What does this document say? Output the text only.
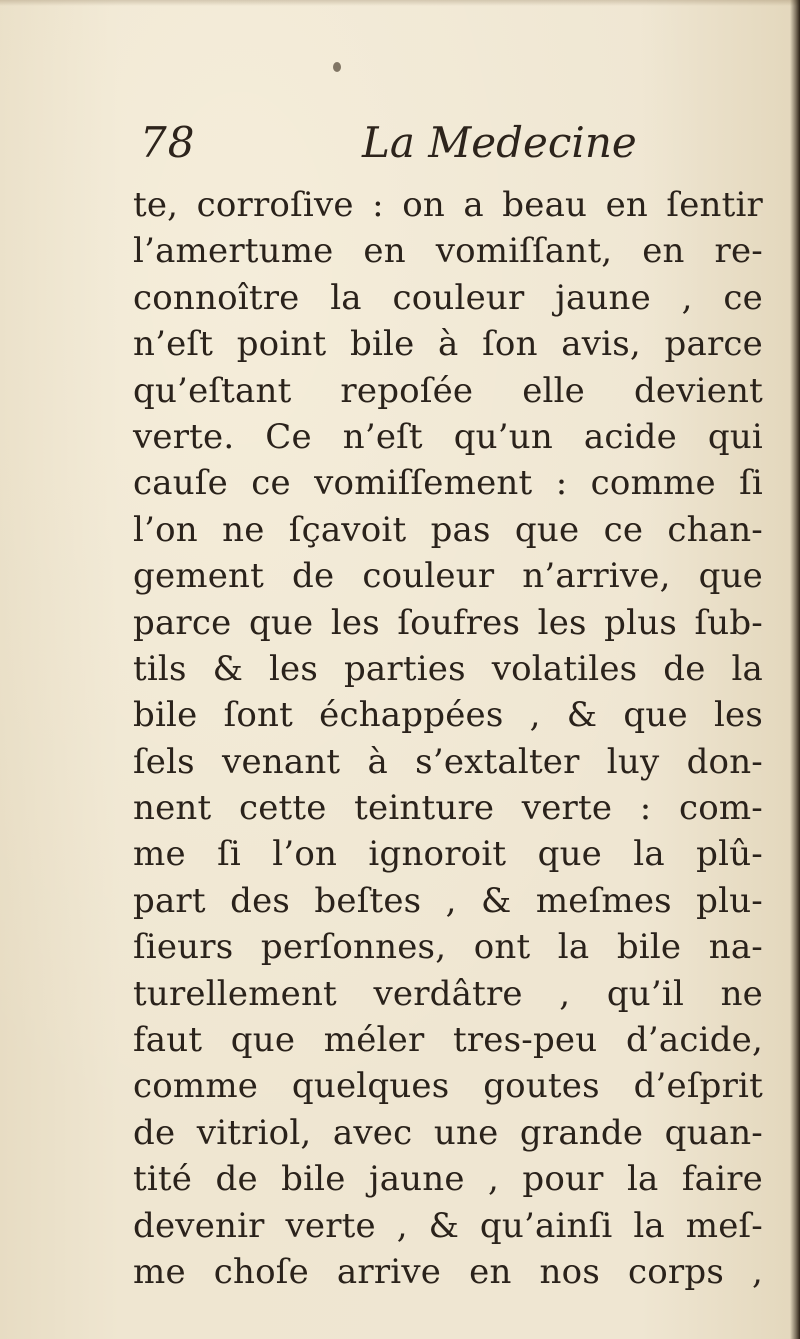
78	La Medecine
te, corroſive : on a beau en ſentir
l’amertume en vomiſſant, en re-
connoître la couleur jaune , ce
n’eſt point bile à ſon avis, parce
qu’eſtant repoſée elle devient
verte. Ce n’eſt qu’un acide qui
cauſe ce vomiſſement : comme ſi
l’on ne ſçavoit pas que ce chan-
gement de couleur n’arrive, que
parce que les ſoufres les plus ſub-
tils & les parties volatiles de la
bile ſont échappées , & que les
ſels venant à s’extalter luy don-
nent cette teinture verte : com-
me ſi l’on ignoroit que la plû-
part des beſtes , & meſmes plu-
ſieurs perſonnes, ont la bile na-
turellement verdâtre , qu’il ne
faut que méler tres-peu d’acide,
comme quelques goutes d’eſprit
de vitriol, avec une grande quan-
tité de bile jaune , pour la faire
devenir verte , & qu’ainſi la meſ-
me choſe arrive en nos corps ,
